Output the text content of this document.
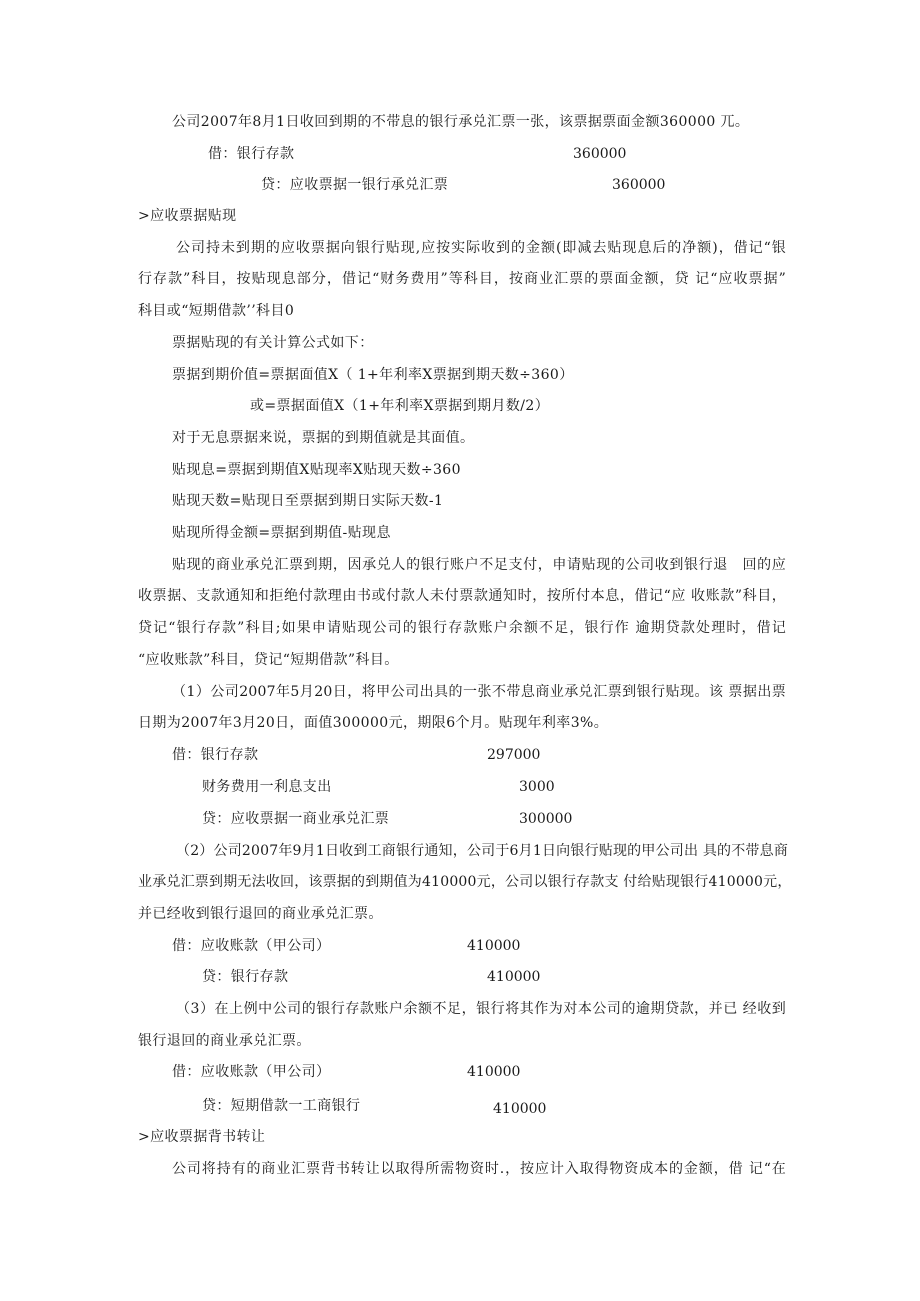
公司2007年8月1日收回到期的不带息的银行承兑汇票一张，该票据票面金额360000 兀。
借：银行存款	360000
贷：应收票据一银行承兑汇票	360000
>应收票据贴现
公司持未到期的应收票据向银行贴现,应按实际收到的金额(即减去贴现息后的净额)，借记“银
行存款”科目，按贴现息部分，借记“财务费用”等科目，按商业汇票的票面金额，贷 记“应收票据”
科目或“短期借款’’科目0
票据贴现的有关计算公式如下：
票据到期价值=票据面值X（ 1+年利率X票据到期天数÷360）
或=票据面值X（1+年利率X票据到期月数/2）
对于无息票据来说，票据的到期值就是其面值。
贴现息=票据到期值X贴现率X贴现天数÷360
贴现天数=贴现日至票据到期日实际天数-1
贴现所得金额=票据到期值-贴现息
贴现的商业承兑汇票到期，因承兑人的银行账户不足支付，申请贴现的公司收到银行退　回的应
收票据、支款通知和拒绝付款理由书或付款人未付票款通知时，按所付本息，借记“应 收账款”科目，
贷记“银行存款”科目;如果申请贴现公司的银行存款账户余额不足，银行作 逾期贷款处理时，借记
“应收账款”科目，贷记“短期借款”科目。
（1）公司2007年5月20日，将甲公司出具的一张不带息商业承兑汇票到银行贴现。该 票据出票
日期为2007年3月20日，面值300000元，期限6个月。贴现年利率3%。
借：银行存款	297000
财务费用一利息支出	3000
贷：应收票据一商业承兑汇票	300000
（2）公司2007年9月1日收到工商银行通知，公司于6月1日向银行贴现的甲公司出 具的不带息商
业承兑汇票到期无法收回，该票据的到期值为410000元，公司以银行存款支 付给贴现银行410000元，
并已经收到银行退回的商业承兑汇票。
借：应收账款（甲公司）	410000
贷：银行存款	410000
（3）在上例中公司的银行存款账户余额不足，银行将其作为对本公司的逾期贷款，并已 经收到
银行退回的商业承兑汇票。
借：应收账款（甲公司）	410000
贷：短期借款一工商银行	410000
>应收票据背书转让
公司将持有的商业汇票背书转让以取得所需物资时.，按应计入取得物资成本的金额，借 记“在
